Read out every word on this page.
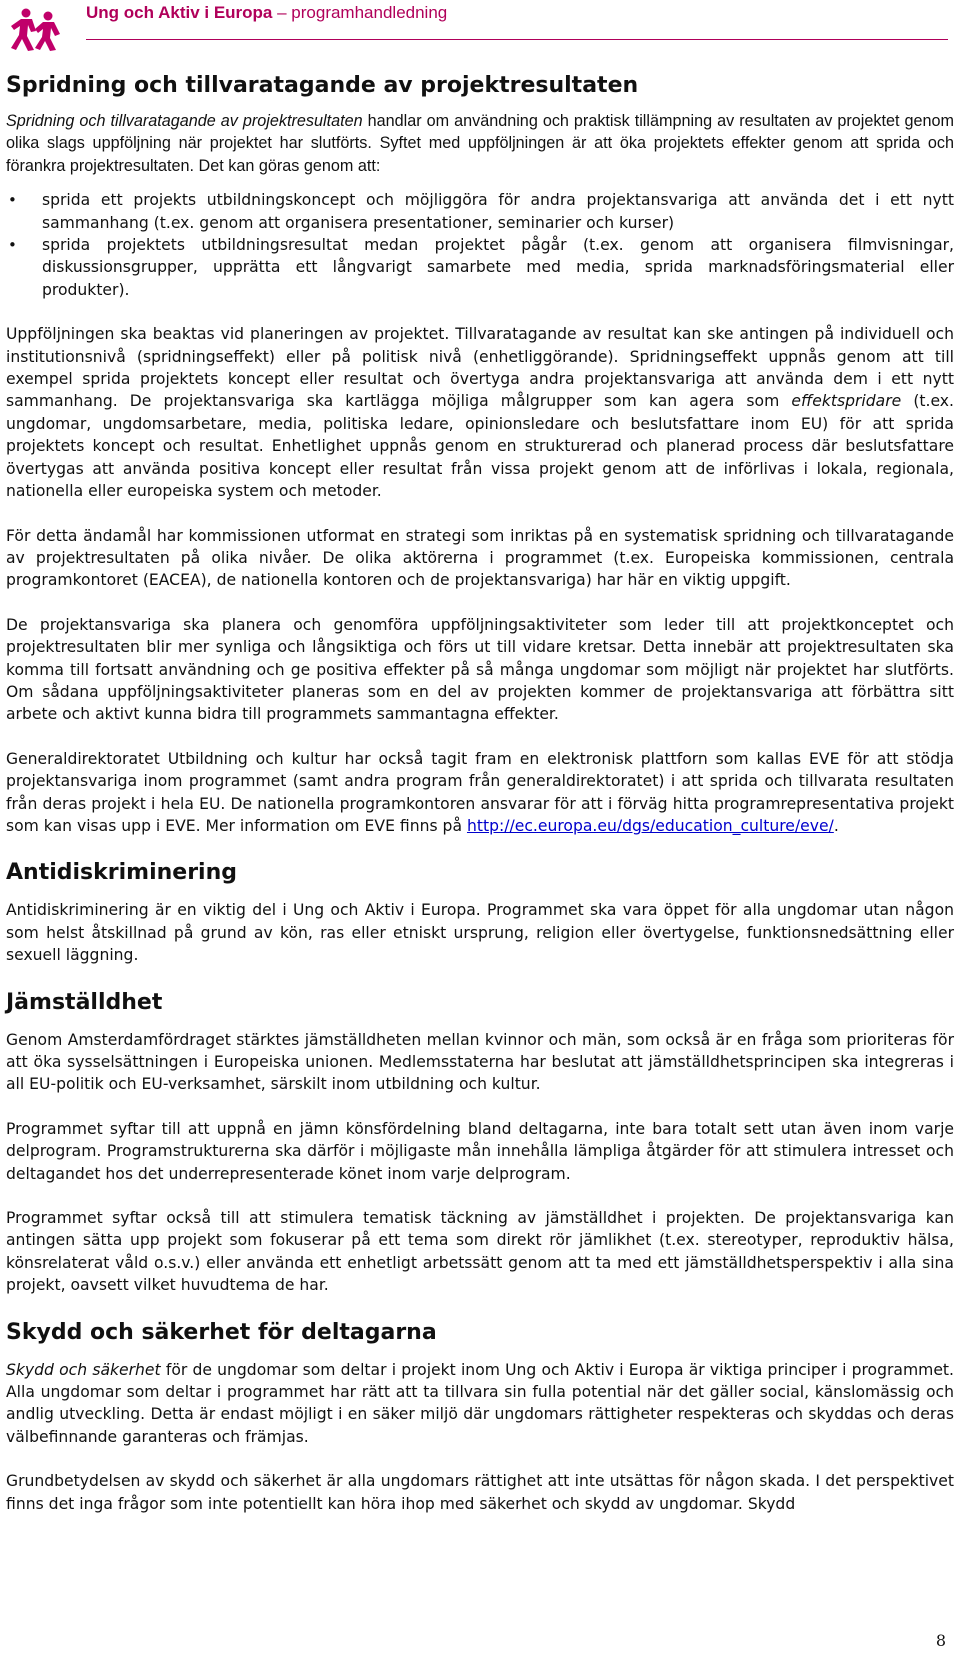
Ung och Aktiv i Europa – programhandledning
Spridning och tillvaratagande av projektresultaten

Spridning och tillvaratagande av projektresultaten handlar om användning och praktisk tillämpning av resultaten av projektet genom olika slags uppföljning när projektet har slutförts. Syftet med uppföljningen är att öka projektets effekter genom att sprida och förankra projektresultaten. Det kan göras genom att:

• sprida ett projekts utbildningskoncept och möjliggöra för andra projektansvariga att använda det i ett nytt sammanhang (t.ex. genom att organisera presentationer, seminarier och kurser)
• sprida projektets utbildningsresultat medan projektet pågår (t.ex. genom att organisera filmvisningar, diskussionsgrupper, upprätta ett långvarigt samarbete med media, sprida marknadsföringsmaterial eller produkter).

Uppföljningen ska beaktas vid planeringen av projektet. Tillvaratagande av resultat kan ske antingen på individuell och institutionsnivå (spridningseffekt) eller på politisk nivå (enhetliggörande). Spridningseffekt uppnås genom att till exempel sprida projektets koncept eller resultat och övertyga andra projektansvariga att använda dem i ett nytt sammanhang. De projektansvariga ska kartlägga möjliga målgrupper som kan agera som effektspridare (t.ex. ungdomar, ungdomsarbetare, media, politiska ledare, opinionsledare och beslutsfattare inom EU) för att sprida projektets koncept och resultat. Enhetlighet uppnås genom en strukturerad och planerad process där beslutsfattare övertygas att använda positiva koncept eller resultat från vissa projekt genom att de införlivas i lokala, regionala, nationella eller europeiska system och metoder.

För detta ändamål har kommissionen utformat en strategi som inriktas på en systematisk spridning och tillvaratagande av projektresultaten på olika nivåer. De olika aktörerna i programmet (t.ex. Europeiska kommissionen, centrala programkontoret (EACEA), de nationella kontoren och de projektansvariga) har här en viktig uppgift.

De projektansvariga ska planera och genomföra uppföljningsaktiviteter som leder till att projektkonceptet och projektresultaten blir mer synliga och långsiktiga och förs ut till vidare kretsar. Detta innebär att projektresultaten ska komma till fortsatt användning och ge positiva effekter på så många ungdomar som möjligt när projektet har slutförts. Om sådana uppföljningsaktiviteter planeras som en del av projekten kommer de projektansvariga att förbättra sitt arbete och aktivt kunna bidra till programmets sammantagna effekter.

Generaldirektoratet Utbildning och kultur har också tagit fram en elektronisk plattforn som kallas EVE för att stödja projektansvariga inom programmet (samt andra program från generaldirektoratet) i att sprida och tillvarata resultaten från deras projekt i hela EU. De nationella programkontoren ansvarar för att i förväg hitta programrepresentativa projekt som kan visas upp i EVE. Mer information om EVE finns på http://ec.europa.eu/dgs/education_culture/eve/.

Antidiskriminering

Antidiskriminering är en viktig del i Ung och Aktiv i Europa. Programmet ska vara öppet för alla ungdomar utan någon som helst åtskillnad på grund av kön, ras eller etniskt ursprung, religion eller övertygelse, funktionsnedsättning eller sexuell läggning.

Jämställdhet

Genom Amsterdamfördraget stärktes jämställdheten mellan kvinnor och män, som också är en fråga som prioriteras för att öka sysselsättningen i Europeiska unionen. Medlemsstaterna har beslutat att jämställdhetsprincipen ska integreras i all EU-politik och EU-verksamhet, särskilt inom utbildning och kultur.

Programmet syftar till att uppnå en jämn könsfördelning bland deltagarna, inte bara totalt sett utan även inom varje delprogram. Programstrukturerna ska därför i möjligaste mån innehålla lämpliga åtgärder för att stimulera intresset och deltagandet hos det underrepresenterade könet inom varje delprogram.

Programmet syftar också till att stimulera tematisk täckning av jämställdhet i projekten. De projektansvariga kan antingen sätta upp projekt som fokuserar på ett tema som direkt rör jämlikhet (t.ex. stereotyper, reproduktiv hälsa, könsrelaterat våld o.s.v.) eller använda ett enhetligt arbetssätt genom att ta med ett jämställdhetsperspektiv i alla sina projekt, oavsett vilket huvudtema de har.

Skydd och säkerhet för deltagarna

Skydd och säkerhet för de ungdomar som deltar i projekt inom Ung och Aktiv i Europa är viktiga principer i programmet. Alla ungdomar som deltar i programmet har rätt att ta tillvara sin fulla potential när det gäller social, känslomässig och andlig utveckling. Detta är endast möjligt i en säker miljö där ungdomars rättigheter respekteras och skyddas och deras välbefinnande garanteras och främjas.

Grundbetydelsen av skydd och säkerhet är alla ungdomars rättighet att inte utsättas för någon skada. I det perspektivet finns det inga frågor som inte potentiellt kan höra ihop med säkerhet och skydd av ungdomar. Skydd

8
